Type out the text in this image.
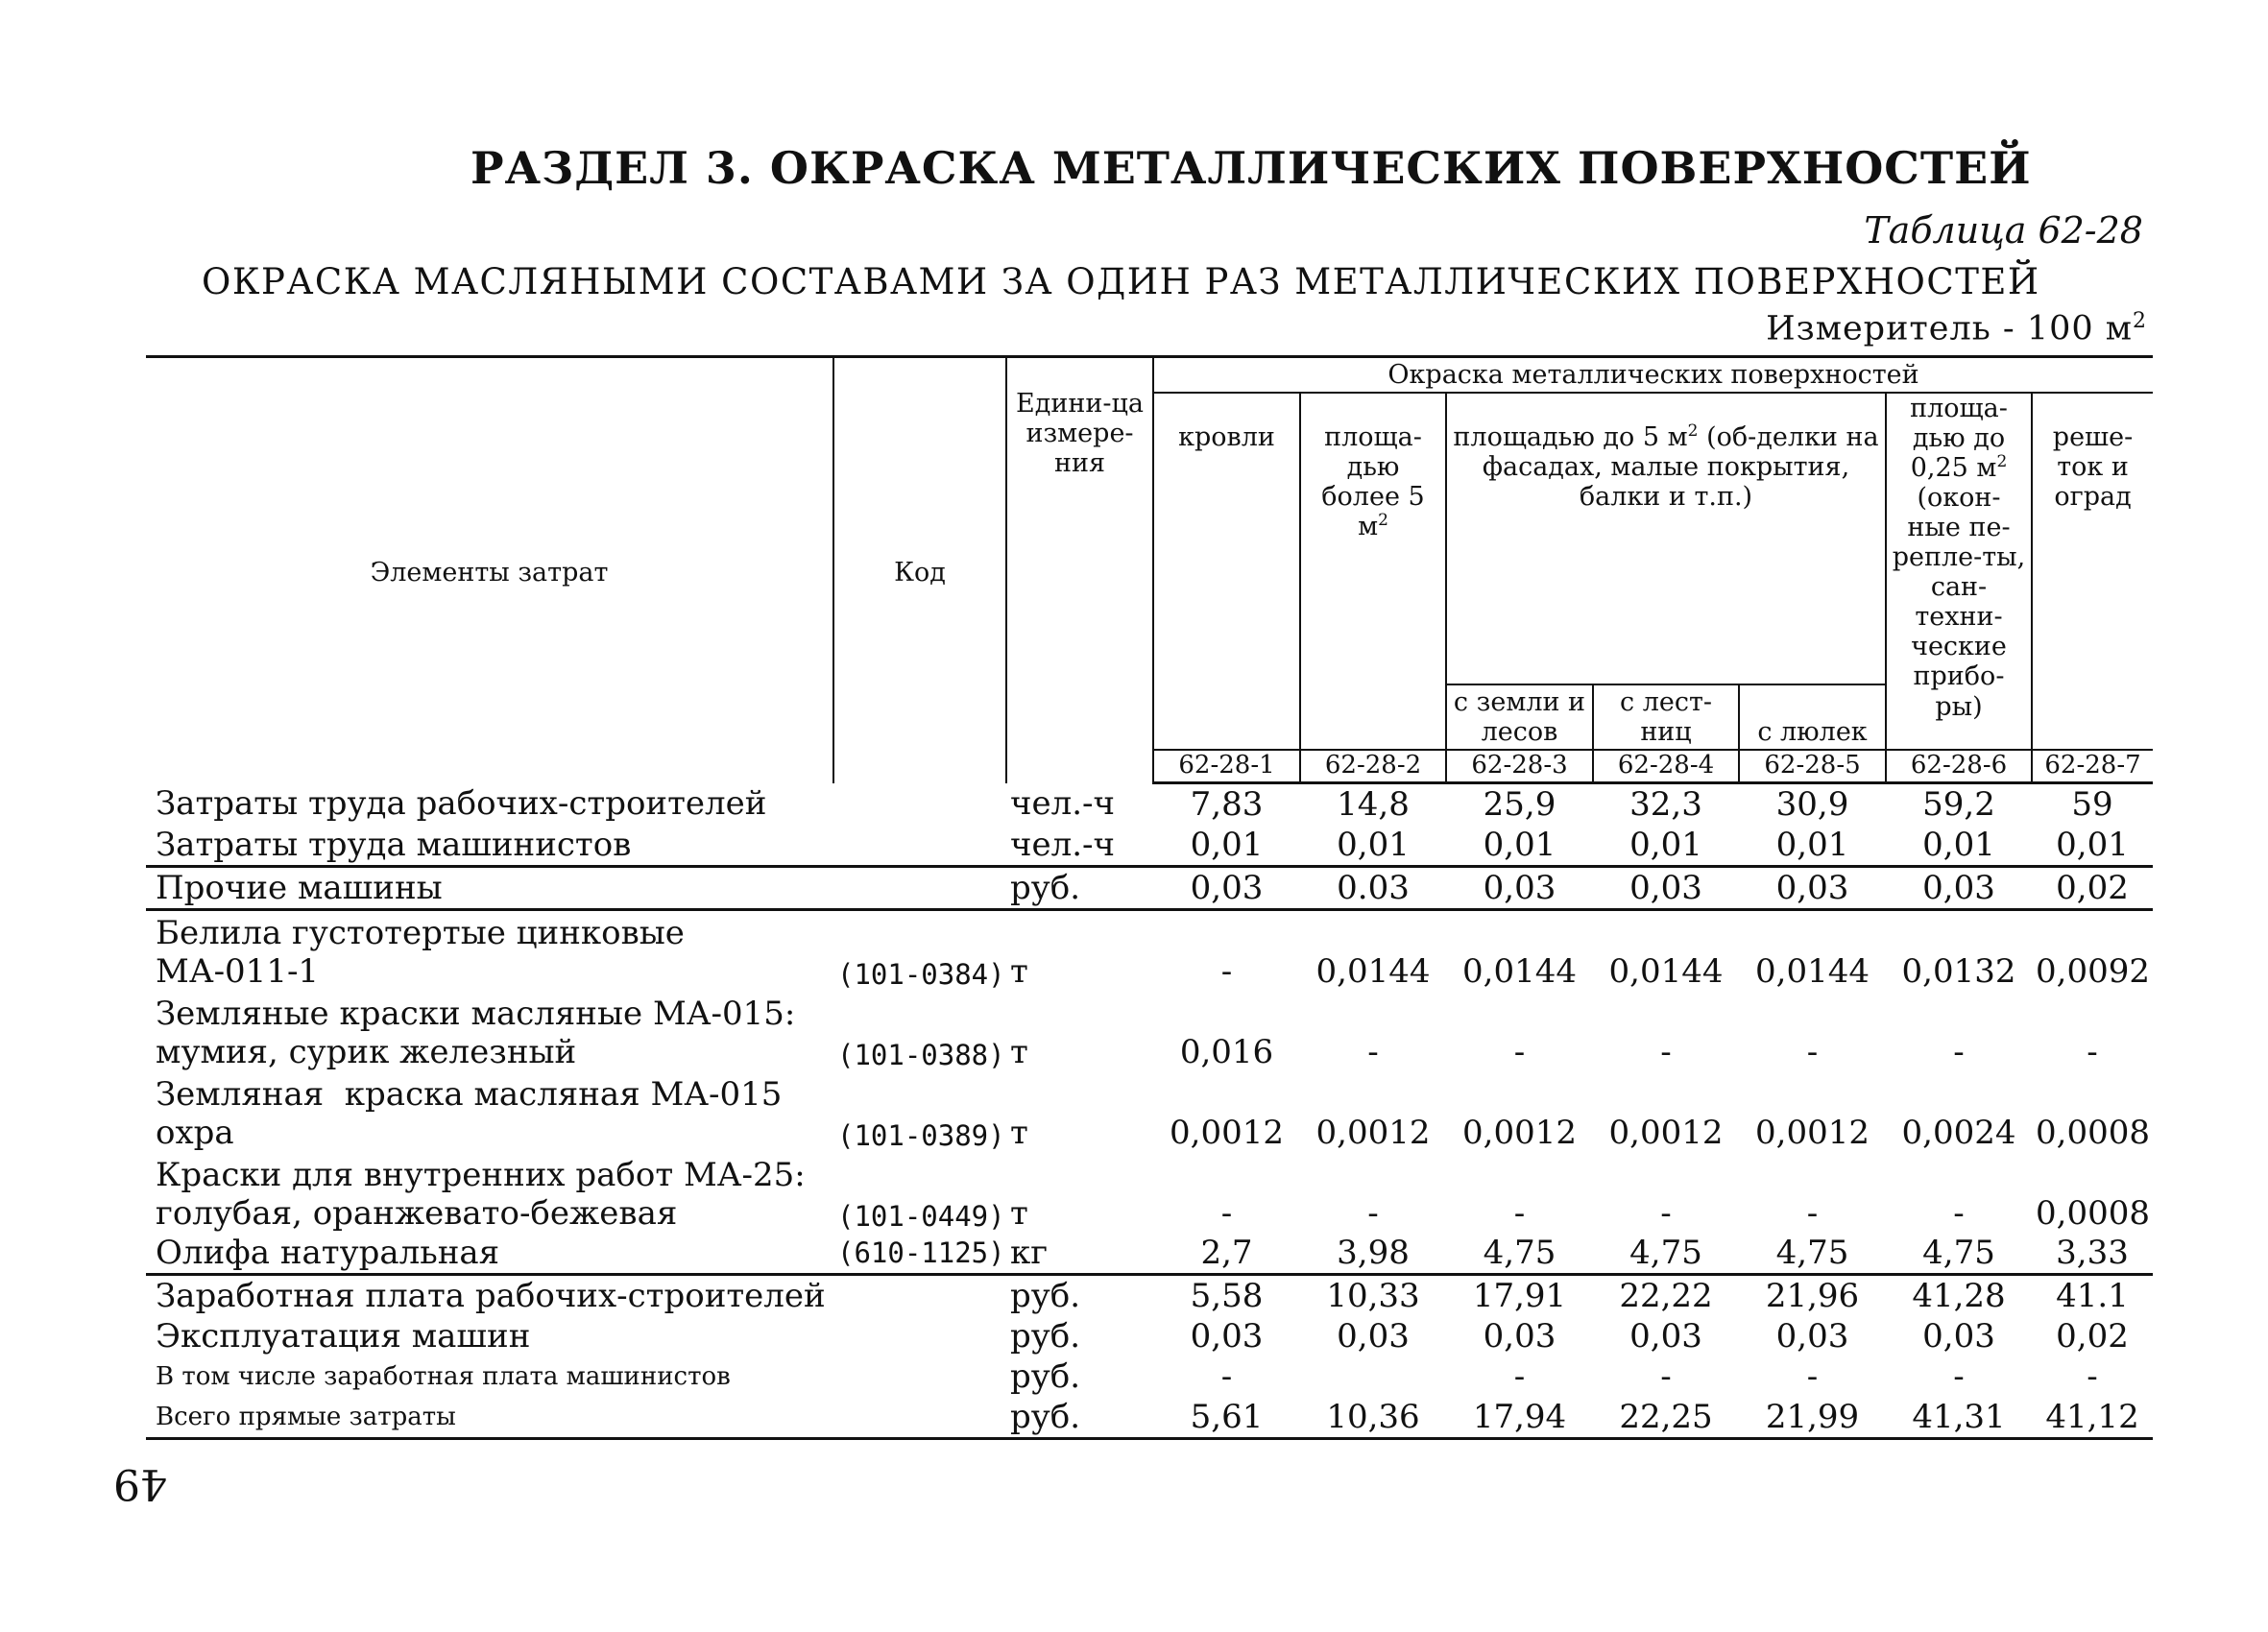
РАЗДЕЛ 3. ОКРАСКА МЕТАЛЛИЧЕСКИХ ПОВЕРХНОСТЕЙ
Таблица 62-28
ОКРАСКА МАСЛЯНЫМИ СОСТАВАМИ ЗА ОДИН РАЗ МЕТАЛЛИЧЕСКИХ ПОВЕРХНОСТЕЙ
Измеритель - 100 $м^2$
Элементы затрат	Код	Едини-ца измере-ния	Окраска металлических поверхностей						
			кровли	площа-дью более 5 $м^2$	площадью до 5 $м^2$ (об-делки на фасадах, малые покрытия, балки и т.п.)			площа-дью до 0,25 $м^2$ (окон-ные пе-реплe-ты, сан-техни-ческие прибо-ры)	реше-ток и оград
					с земли и лесов	с лест-ниц	с люлек		
			62-28-1	62-28-2	62-28-3	62-28-4	62-28-5	62-28-6	62-28-7
Затраты труда рабочих-строителей		чел.-ч	7,83	14,8	25,9	32,3	30,9	59,2	59
Затраты труда машинистов		чел.-ч	0,01	0,01	0,01	0,01	0,01	0,01	0,01
Прочие машины		руб.	0,03	0.03	0,03	0,03	0,03	0,03	0,02

Белила густотертые цинковые
МА-011-1	(101-0384)	т	-	0,0144	0,0144	0,0144	0,0144	0,0132	0,0092

Земляные краски масляные МА-015:
мумия, сурик железный	(101-0388)	т	0,016	-	-	-	-	-	-

Земляная  краска масляная МА-015
охра	(101-0389)	т	0,0012	0,0012	0,0012	0,0012	0,0012	0,0024	0,0008

Краски для внутренних работ МА-25:
голубая, оранжевато-бежевая	(101-0449)	т	-	-	-	-	-	-	0,0008
Олифа натуральная	(610-1125)	кг	2,7	3,98	4,75	4,75	4,75	4,75	3,33
Заработная плата рабочих-строителей		руб.	5,58	10,33	17,91	22,22	21,96	41,28	41.1
Эксплуатация машин		руб.	0,03	0,03	0,03	0,03	0,03	0,03	0,02
В том числе заработная плата машинистов		руб.	-		-	-	-	-	-
Всего прямые затраты		руб.	5,61	10,36	17,94	22,25	21,99	41,31	41,12
49
